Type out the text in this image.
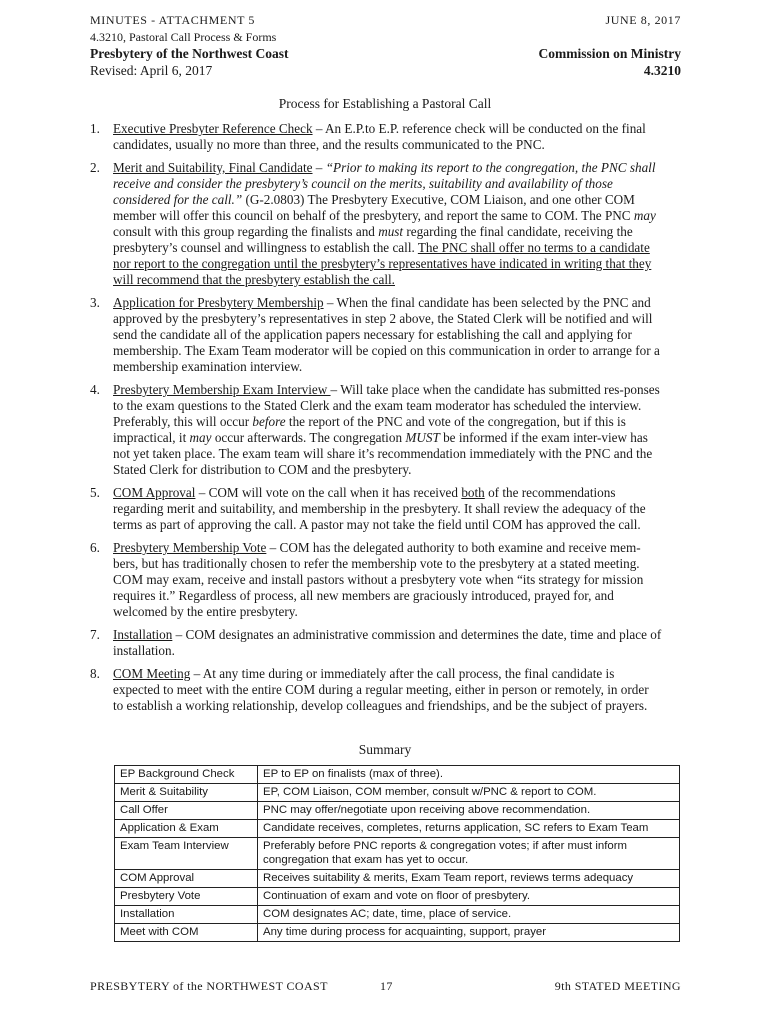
MINUTES - ATTACHMENT 5	JUNE 8, 2017
4.3210, Pastoral Call Process & Forms
Presbytery of the Northwest Coast	Commission on Ministry
Revised: April 6, 2017	4.3210
Process for Establishing a Pastoral Call
1. Executive Presbyter Reference Check – An E.P.to E.P. reference check will be conducted on the final candidates, usually no more than three, and the results communicated to the PNC.
2. Merit and Suitability, Final Candidate – “Prior to making its report to the congregation, the PNC shall receive and consider the presbytery’s council on the merits, suitability and availability of those considered for the call.” (G-2.0803) The Presbytery Executive, COM Liaison, and one other COM member will offer this council on behalf of the presbytery, and report the same to COM. The PNC may consult with this group regarding the finalists and must regarding the final candidate, receiving the presbytery’s counsel and willingness to establish the call. The PNC shall offer no terms to a candidate nor report to the congregation until the presbytery’s representatives have indicated in writing that they will recommend that the presbytery establish the call.
3. Application for Presbytery Membership – When the final candidate has been selected by the PNC and approved by the presbytery’s representatives in step 2 above, the Stated Clerk will be notified and will send the candidate all of the application papers necessary for establishing the call and applying for membership. The Exam Team moderator will be copied on this communication in order to arrange for a membership examination interview.
4. Presbytery Membership Exam Interview – Will take place when the candidate has submitted res-ponses to the exam questions to the Stated Clerk and the exam team moderator has scheduled the interview. Preferably, this will occur before the report of the PNC and vote of the congregation, but if this is impractical, it may occur afterwards. The congregation MUST be informed if the exam inter-view has not yet taken place. The exam team will share it’s recommendation immediately with the PNC and the Stated Clerk for distribution to COM and the presbytery.
5. COM Approval – COM will vote on the call when it has received both of the recommendations regarding merit and suitability, and membership in the presbytery. It shall review the adequacy of the terms as part of approving the call. A pastor may not take the field until COM has approved the call.
6. Presbytery Membership Vote – COM has the delegated authority to both examine and receive mem-bers, but has traditionally chosen to refer the membership vote to the presbytery at a stated meeting. COM may exam, receive and install pastors without a presbytery vote when “its strategy for mission requires it.” Regardless of process, all new members are graciously introduced, prayed for, and welcomed by the entire presbytery.
7. Installation – COM designates an administrative commission and determines the date, time and place of installation.
8. COM Meeting – At any time during or immediately after the call process, the final candidate is expected to meet with the entire COM during a regular meeting, either in person or remotely, in order to establish a working relationship, develop colleagues and friendships, and be the subject of prayers.
Summary
EP Background Check	EP to EP on finalists (max of three).
Merit & Suitability	EP, COM Liaison, COM member, consult w/PNC & report to COM.
Call Offer	PNC may offer/negotiate upon receiving above recommendation.
Application & Exam	Candidate receives, completes, returns application, SC refers to Exam Team
Exam Team Interview	Preferably before PNC reports & congregation votes; if after must inform congregation that exam has yet to occur.
COM Approval	Receives suitability & merits, Exam Team report, reviews terms adequacy
Presbytery Vote	Continuation of exam and vote on floor of presbytery.
Installation	COM designates AC; date, time, place of service.
Meet with COM	Any time during process for acquainting, support, prayer
PRESBYTERY of the NORTHWEST COAST	17	9th STATED MEETING
